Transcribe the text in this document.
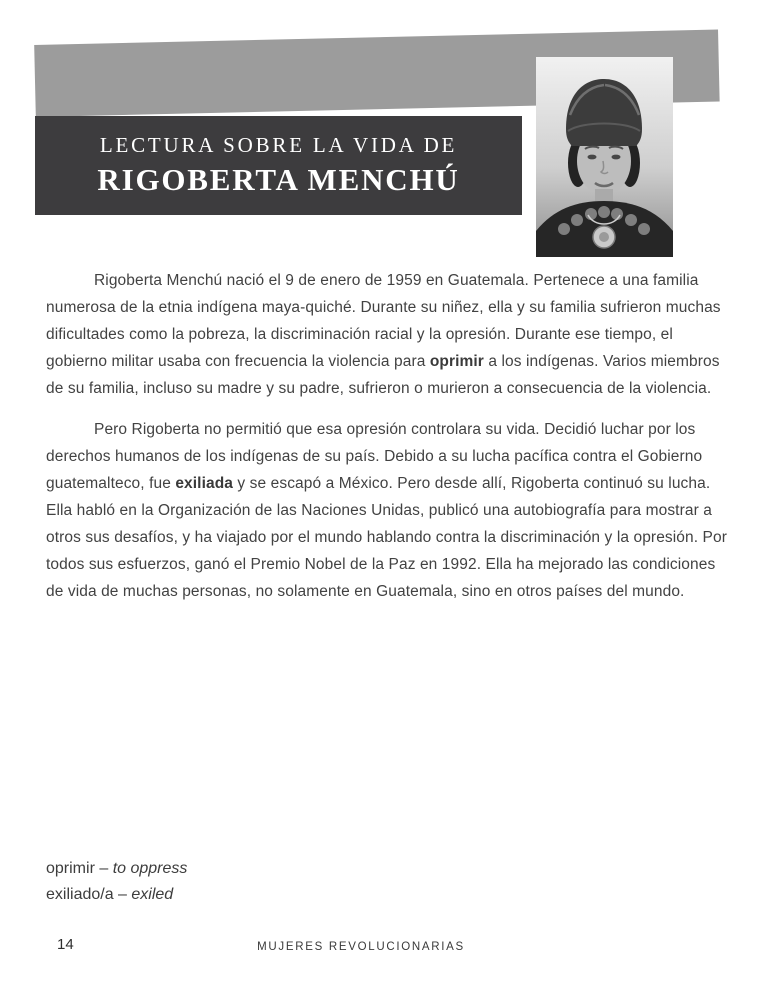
LECTURA SOBRE LA VIDA DE
RIGOBERTA MENCHÚ

Rigoberta Menchú nació el 9 de enero de 1959 en Guatemala. Pertenece a una familia numerosa de la etnia indígena maya-quiché. Durante su niñez, ella y su familia sufrieron muchas dificultades como la pobreza, la discriminación racial y la opresión. Durante ese tiempo, el gobierno militar usaba con frecuencia la violencia para oprimir a los indígenas. Varios miembros de su familia, incluso su madre y su padre, sufrieron o murieron a consecuencia de la violencia.

Pero Rigoberta no permitió que esa opresión controlara su vida. Decidió luchar por los derechos humanos de los indígenas de su país. Debido a su lucha pacífica contra el Gobierno guatemalteco, fue exiliada y se escapó a México. Pero desde allí, Rigoberta continuó su lucha. Ella habló en la Organización de las Naciones Unidas, publicó una autobiografía para mostrar a otros sus desafíos, y ha viajado por el mundo hablando contra la discriminación y la opresión. Por todos sus esfuerzos, ganó el Premio Nobel de la Paz en 1992. Ella ha mejorado las condiciones de vida de muchas personas, no solamente en Guatemala, sino en otros países del mundo.

oprimir – to oppress
exiliado/a – exiled
14	MUJERES REVOLUCIONARIAS
